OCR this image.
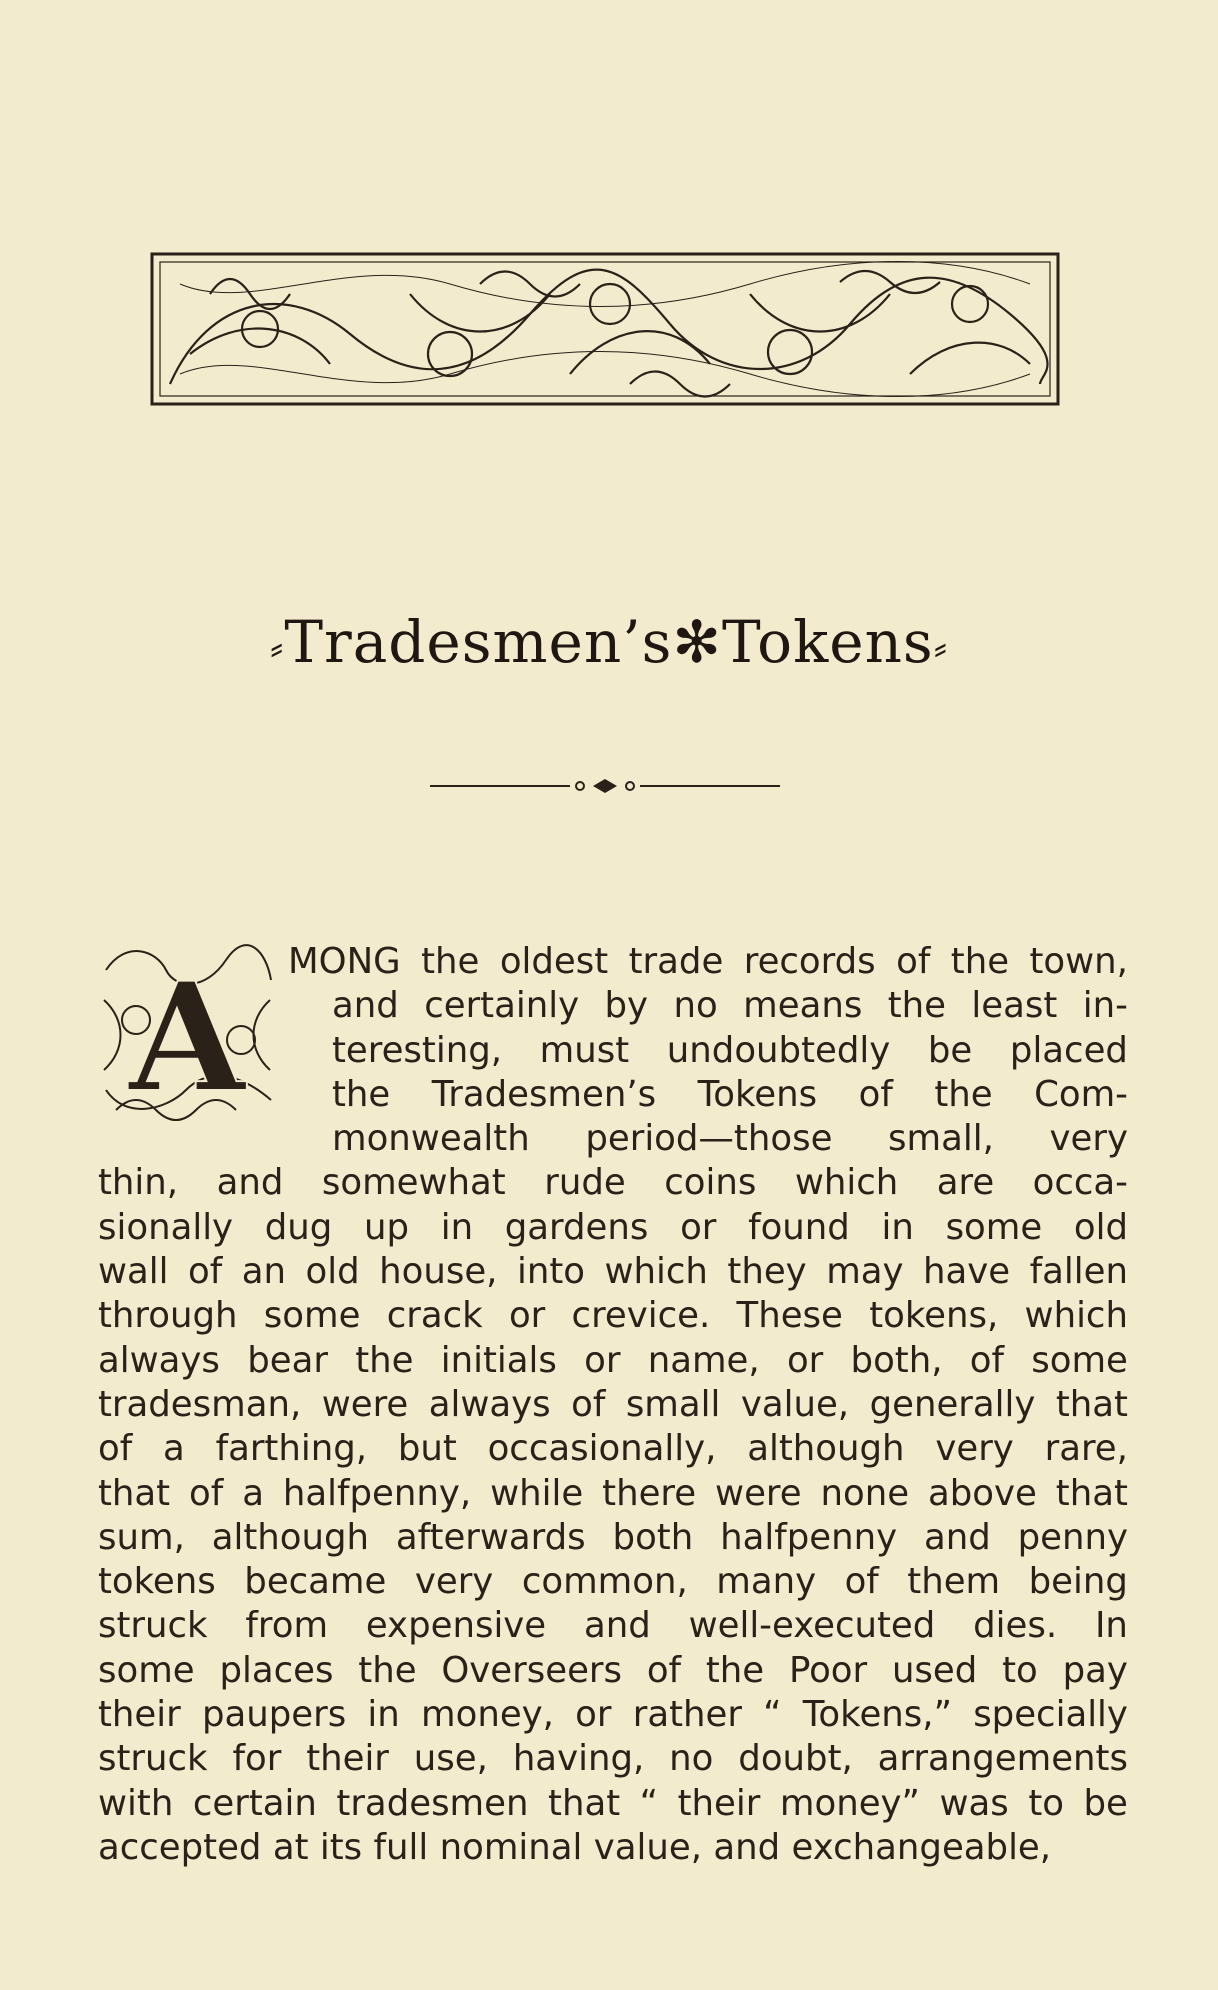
⸗Tradesmen’s✻Tokens⸗
A MONG the oldest trade records of the town,
and certainly by no means the least in-
teresting, must undoubtedly be placed
the Tradesmen’s Tokens of the Com-
monwealth period—those small, very
thin, and somewhat rude coins which are occa-
sionally dug up in gardens or found in some old
wall of an old house, into which they may have fallen
through some crack or crevice. These tokens, which
always bear the initials or name, or both, of some
tradesman, were always of small value, generally that
of a farthing, but occasionally, although very rare,
that of a halfpenny, while there were none above that
sum, although afterwards both halfpenny and penny
tokens became very common, many of them being
struck from expensive and well-executed dies. In
some places the Overseers of the Poor used to pay
their paupers in money, or rather “ Tokens,” specially
struck for their use, having, no doubt, arrangements
with certain tradesmen that “ their money” was to be
accepted at its full nominal value, and exchangeable,
